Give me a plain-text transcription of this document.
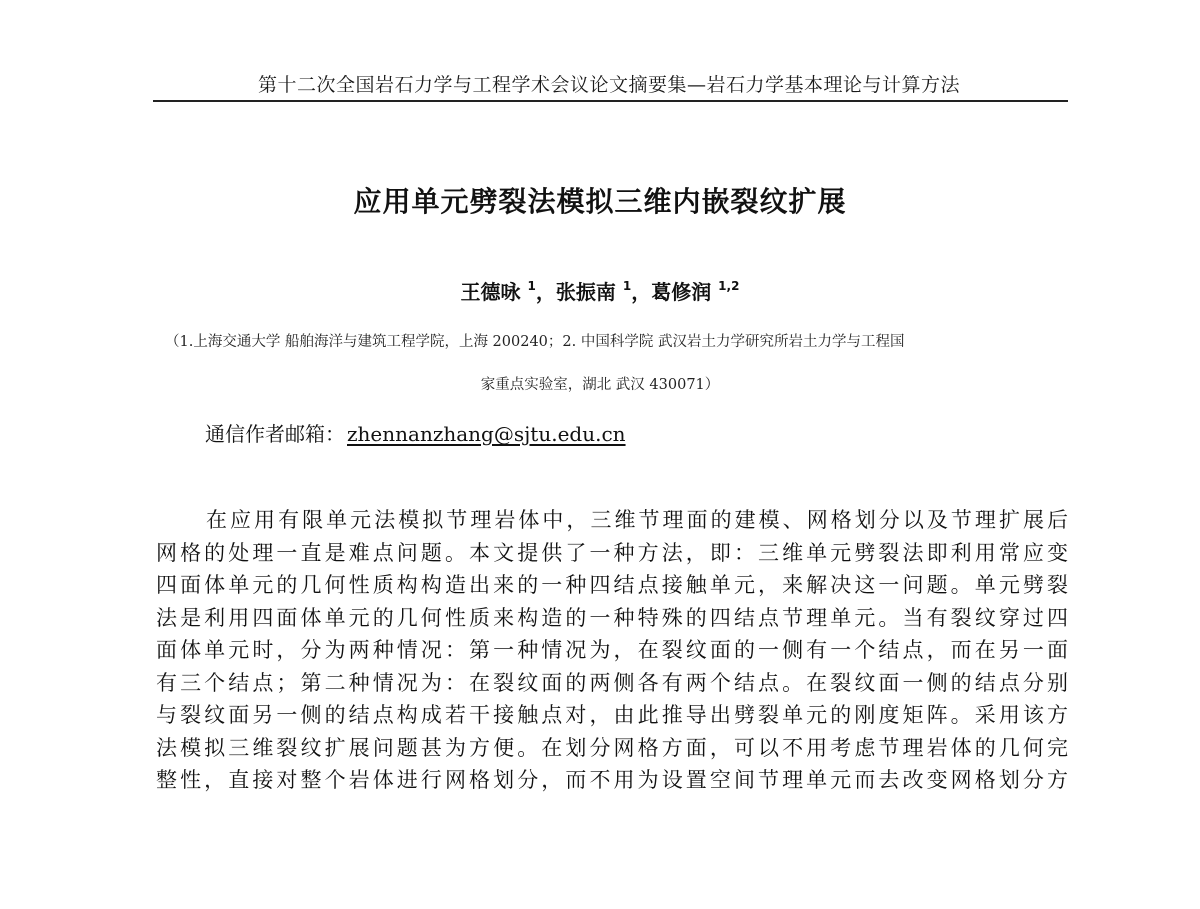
第十二次全国岩石力学与工程学术会议论文摘要集—岩石力学基本理论与计算方法
应用单元劈裂法模拟三维内嵌裂纹扩展
王德咏 $^1$，张振南 $^1$，葛修润 $^{1,2}$
（1.上海交通大学 船舶海洋与建筑工程学院，上海 200240；2. 中国科学院 武汉岩土力学研究所岩土力学与工程国
家重点实验室，湖北 武汉 430071）
通信作者邮箱： zhennanzhang@sjtu.edu.cn
在应用有限单元法模拟节理岩体中，三维节理面的建模、网格划分以及节理扩展后
网格的处理一直是难点问题。本文提供了一种方法，即：三维单元劈裂法即利用常应变
四面体单元的几何性质构构造出来的一种四结点接触单元，来解决这一问题。单元劈裂
法是利用四面体单元的几何性质来构造的一种特殊的四结点节理单元。当有裂纹穿过四
面体单元时，分为两种情况：第一种情况为，在裂纹面的一侧有一个结点，而在另一面
有三个结点；第二种情况为：在裂纹面的两侧各有两个结点。在裂纹面一侧的结点分别
与裂纹面另一侧的结点构成若干接触点对，由此推导出劈裂单元的刚度矩阵。采用该方
法模拟三维裂纹扩展问题甚为方便。在划分网格方面，可以不用考虑节理岩体的几何完
整性，直接对整个岩体进行网格划分，而不用为设置空间节理单元而去改变网格划分方
